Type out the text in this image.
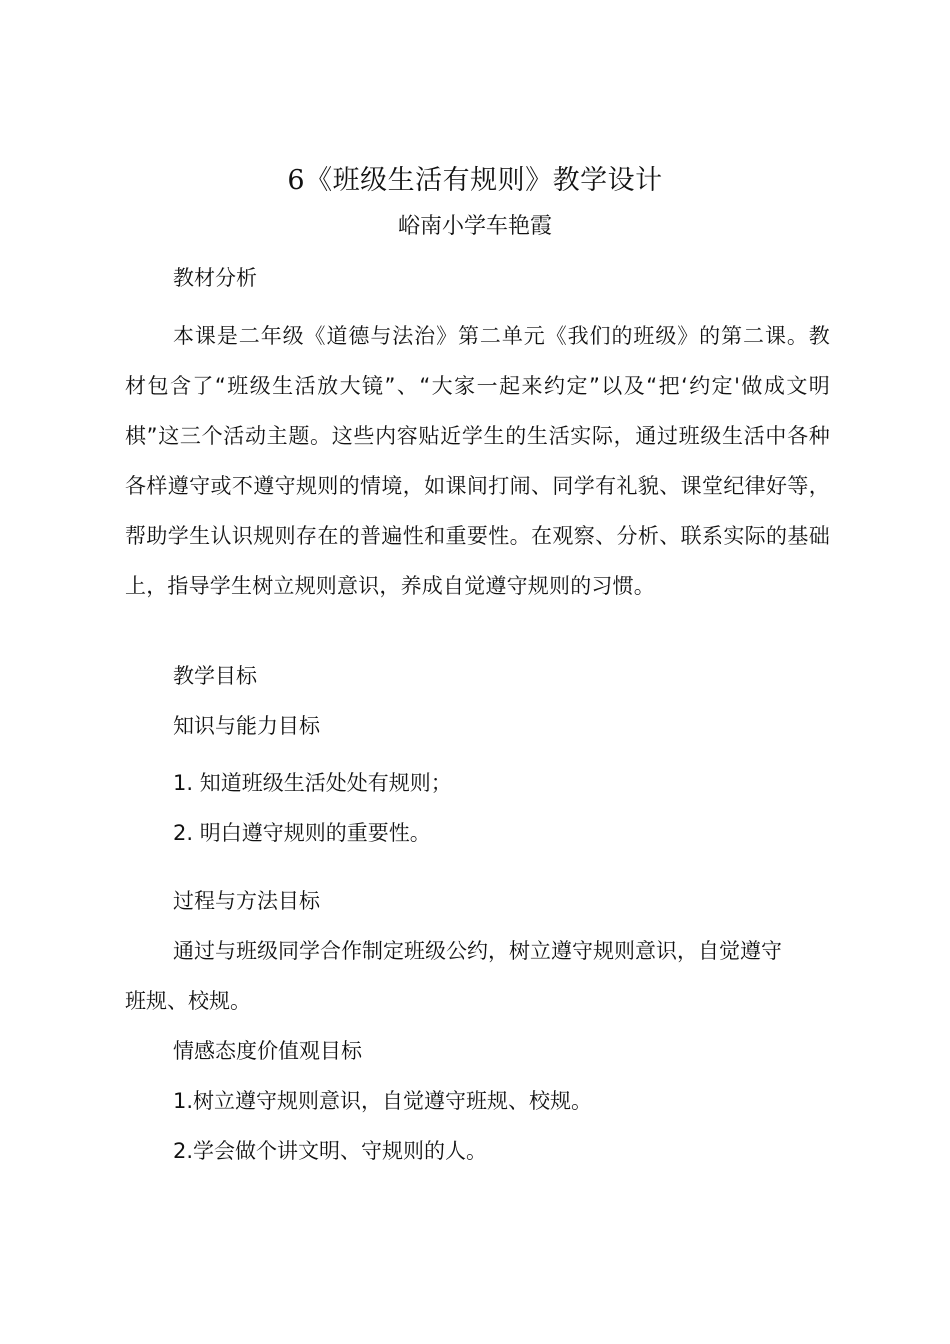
6《班级生活有规则》教学设计
峪南小学车艳霞
教材分析
本课是二年级《道德与法治》第二单元《我们的班级》的第二课。教材包含了“班级生活放大镜”、“大家一起来约定”以及“把‘约定'做成文明棋”这三个活动主题。这些内容贴近学生的生活实际，通过班级生活中各种各样遵守或不遵守规则的情境，如课间打闹、同学有礼貌、课堂纪律好等，帮助学生认识规则存在的普遍性和重要性。在观察、分析、联系实际的基础上，指导学生树立规则意识，养成自觉遵守规则的习惯。
教学目标
知识与能力目标
1. 知道班级生活处处有规则；
2. 明白遵守规则的重要性。
过程与方法目标
通过与班级同学合作制定班级公约，树立遵守规则意识，自觉遵守
班规、校规。
情感态度价值观目标
1.树立遵守规则意识，自觉遵守班规、校规。
2.学会做个讲文明、守规则的人。
